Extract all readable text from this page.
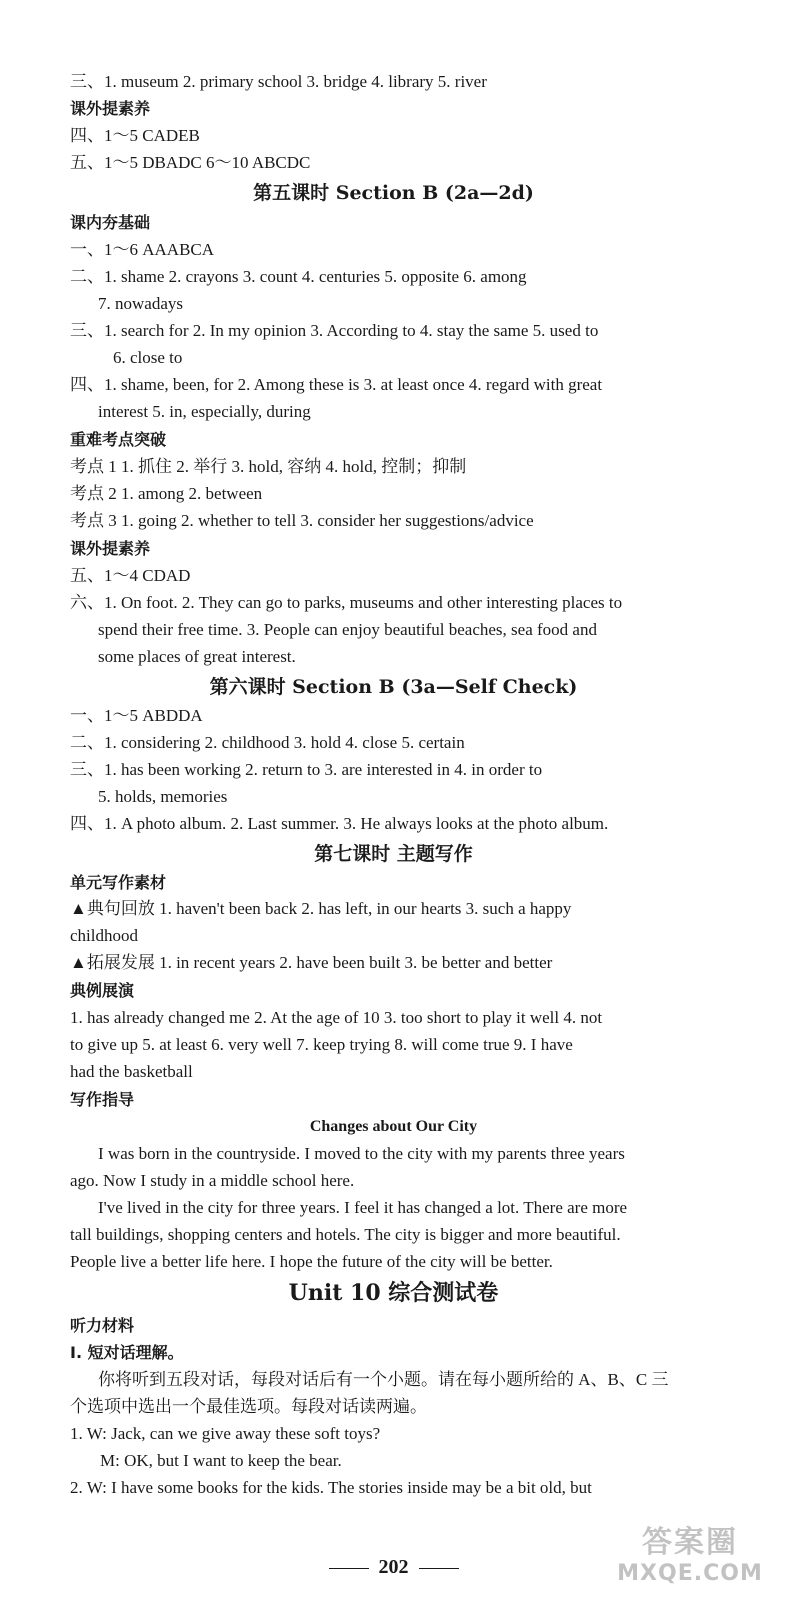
三、1. museum 2. primary school 3. bridge 4. library 5. river
课外提素养
四、1～5 CADEB
五、1～5 DBADC 6～10 ABCDC
第五课时 Section B (2a—2d)
课内夯基础
一、1～6 AAABCA
二、1. shame 2. crayons 3. count 4. centuries 5. opposite 6. among
7. nowadays
三、1. search for 2. In my opinion 3. According to 4. stay the same 5. used to
6. close to
四、1. shame, been, for 2. Among these is 3. at least once 4. regard with great
interest 5. in, especially, during
重难考点突破
考点 1 1. 抓住 2. 举行 3. hold, 容纳 4. hold, 控制；抑制
考点 2 1. among 2. between
考点 3 1. going 2. whether to tell 3. consider her suggestions/advice
课外提素养
五、1～4 CDAD
六、1. On foot. 2. They can go to parks, museums and other interesting places to
spend their free time. 3. People can enjoy beautiful beaches, sea food and
some places of great interest.
第六课时 Section B (3a—Self Check)
一、1～5 ABDDA
二、1. considering 2. childhood 3. hold 4. close 5. certain
三、1. has been working 2. return to 3. are interested in 4. in order to
5. holds, memories
四、1. A photo album. 2. Last summer. 3. He always looks at the photo album.
第七课时 主题写作
单元写作素材
▲典句回放 1. haven't been back 2. has left, in our hearts 3. such a happy
childhood
▲拓展发展 1. in recent years 2. have been built 3. be better and better
典例展演
1. has already changed me 2. At the age of 10 3. too short to play it well 4. not
to give up 5. at least 6. very well 7. keep trying 8. will come true 9. I have
had the basketball
写作指导
Changes about Our City
I was born in the countryside. I moved to the city with my parents three years
ago. Now I study in a middle school here.
I've lived in the city for three years. I feel it has changed a lot. There are more
tall buildings, shopping centers and hotels. The city is bigger and more beautiful.
People live a better life here. I hope the future of the city will be better.
Unit 10 综合测试卷
听力材料
Ⅰ. 短对话理解。
你将听到五段对话，每段对话后有一个小题。请在每小题所给的 A、B、C 三
个选项中选出一个最佳选项。每段对话读两遍。
1. W: Jack, can we give away these soft toys?
M: OK, but I want to keep the bear.
2. W: I have some books for the kids. The stories inside may be a bit old, but
202
答案圈
MXQE.COM
